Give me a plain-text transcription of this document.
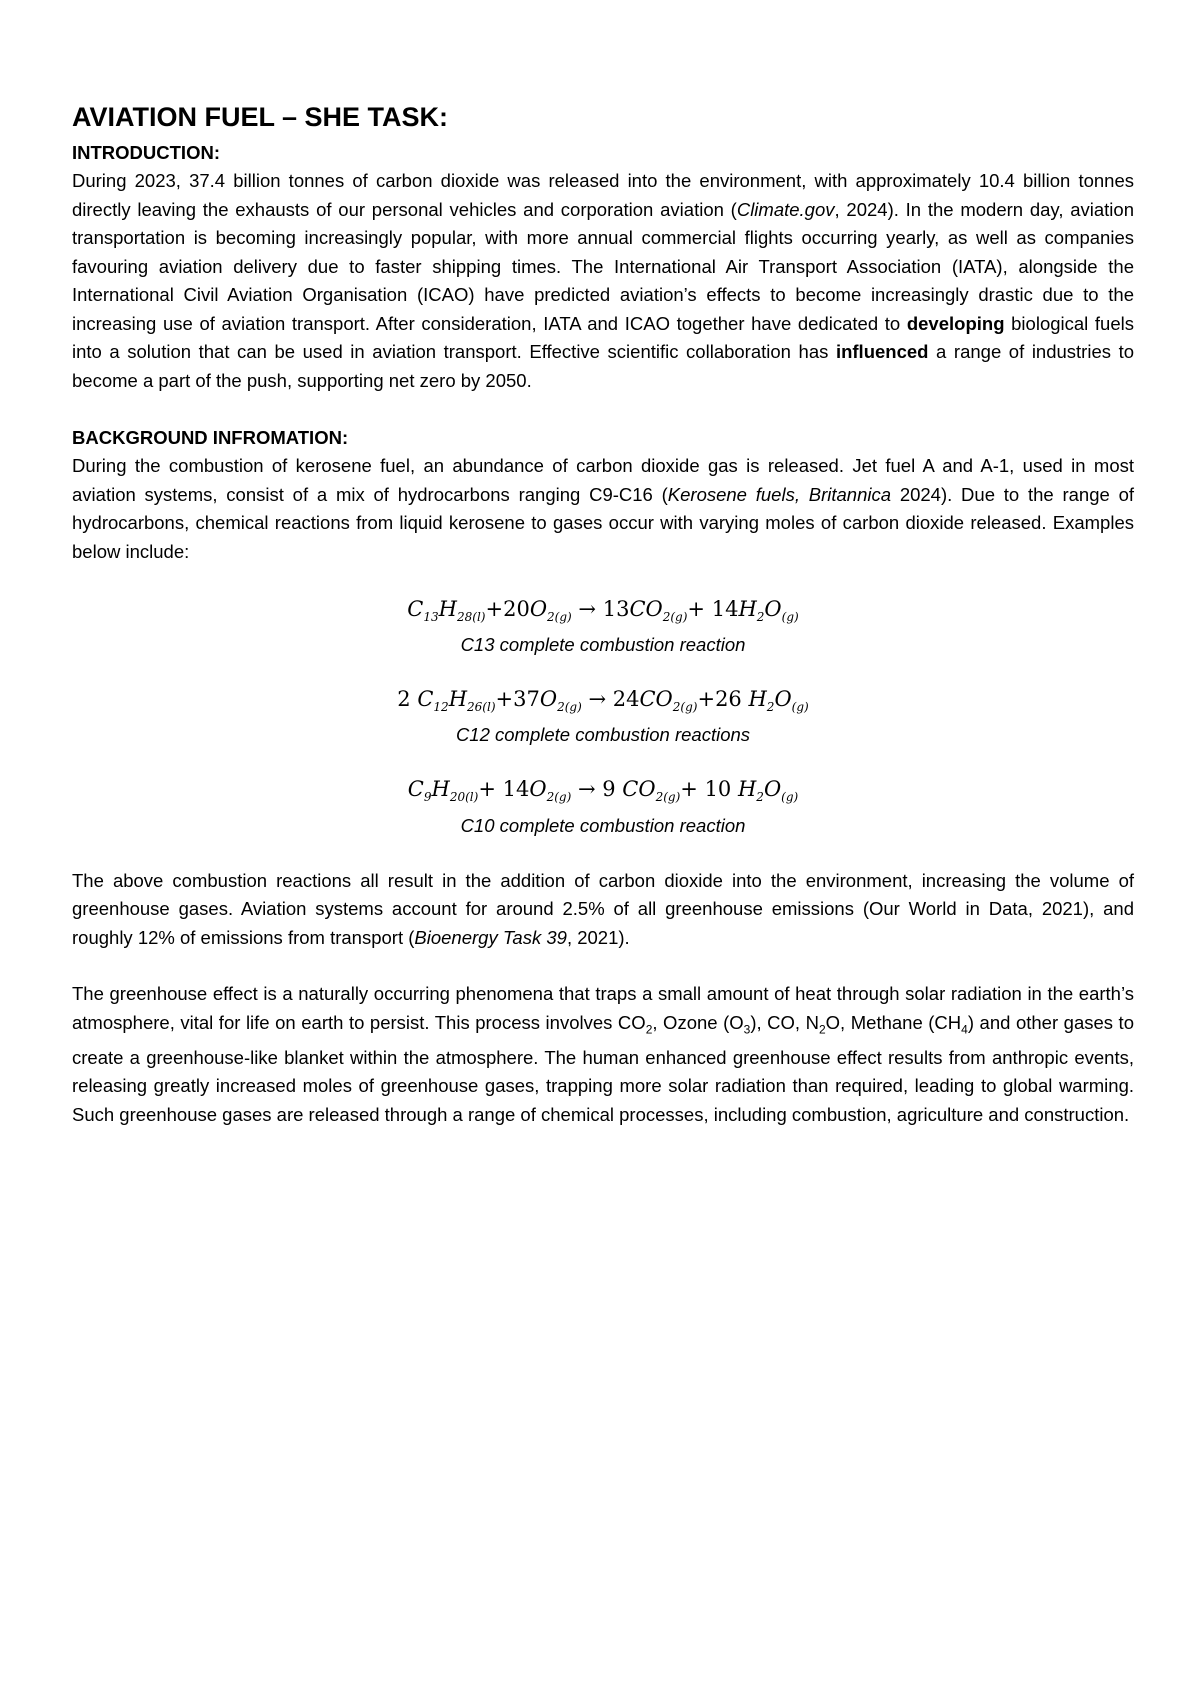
AVIATION FUEL – SHE TASK:
INTRODUCTION:

During 2023, 37.4 billion tonnes of carbon dioxide was released into the environment, with approximately 10.4 billion tonnes directly leaving the exhausts of our personal vehicles and corporation aviation (Climate.gov, 2024). In the modern day, aviation transportation is becoming increasingly popular, with more annual commercial flights occurring yearly, as well as companies favouring aviation delivery due to faster shipping times. The International Air Transport Association (IATA), alongside the International Civil Aviation Organisation (ICAO) have predicted aviation’s effects to become increasingly drastic due to the increasing use of aviation transport. After consideration, IATA and ICAO together have dedicated to developing biological fuels into a solution that can be used in aviation transport. Effective scientific collaboration has influenced a range of industries to become a part of the push, supporting net zero by 2050.

BACKGROUND INFROMATION:

During the combustion of kerosene fuel, an abundance of carbon dioxide gas is released. Jet fuel A and A-1, used in most aviation systems, consist of a mix of hydrocarbons ranging C9-C16 (Kerosene fuels, Britannica 2024). Due to the range of hydrocarbons, chemical reactions from liquid kerosene to gases occur with varying moles of carbon dioxide released. Examples below include:

$C_{13}H_{28(l)}+20O_{2(g)} \to 13CO_{2(g)}+ 14H_2O_{(g)}$

C13 complete combustion reaction

2 $C_{12}H_{26(l)}+37O_{2(g)} \to 24CO_{2(g)}+26$ $H_2O_{(g)}$

C12 complete combustion reactions

$C_9H_{20(l)}+ 14O_{2(g)} \to 9$ $CO_{2(g)}+ 10$ $H_2O_{(g)}$

C10 complete combustion reaction

The above combustion reactions all result in the addition of carbon dioxide into the environment, increasing the volume of greenhouse gases. Aviation systems account for around 2.5% of all greenhouse emissions (Our World in Data, 2021), and roughly 12% of emissions from transport (Bioenergy Task 39, 2021).

The greenhouse effect is a naturally occurring phenomena that traps a small amount of heat through solar radiation in the earth’s atmosphere, vital for life on earth to persist. This process involves $CO_2$, Ozone $(O_3)$, CO, $N_2O$, Methane $(CH_4)$ and other gases to create a greenhouse-like blanket within the atmosphere. The human enhanced greenhouse effect results from anthropic events, releasing greatly increased moles of greenhouse gases, trapping more solar radiation than required, leading to global warming. Such greenhouse gases are released through a range of chemical processes, including combustion, agriculture and construction.
